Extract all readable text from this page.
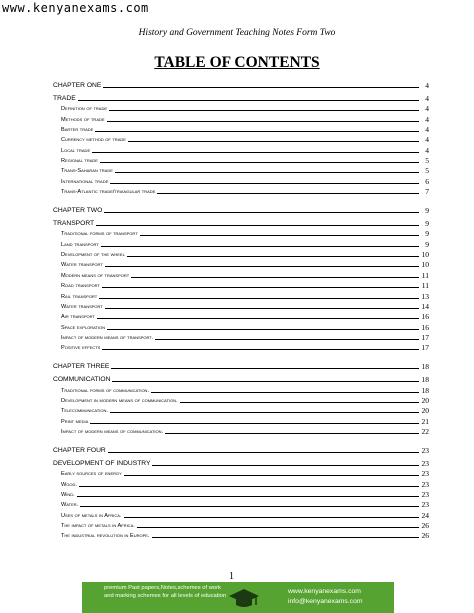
www.kenyanexams.com
History and Government Teaching Notes Form Two
TABLE OF CONTENTS
CHAPTER ONE	4
TRADE	4
Definition of trade	4
Methods of trade	4
Barter trade	4
Currency method of trade	4
Local trade	4
Regional trade	5
Trans-Saharan trade	5
International trade	6
Trans-Atlantic trade/triangular trade	7
CHAPTER TWO	9
TRANSPORT	9
Traditional forms of transport	9
Land transport	9
Development of the wheel	10
Water transport	10
Modern means of transport	11
Road transport	11
Rail transport	13
Water transport	14
Air transport	16
Space exploration	16
Impact of modern means of transport.	17
Positive effects	17
CHAPTER THREE	18
COMMUNICATION	18
Traditional forms of communication.	18
Development in modern means of communication.	20
Telecommunication.	20
Print media	21
Impact of modern means of communication.	22
CHAPTER FOUR	23
DEVELOPMENT OF INDUSTRY	23
Early sources of energy	23
Wood.	23
Wind.	23
Water.	23
Uses of metals in Africa.	24
The impact of metals in Africa.	26
The industrial revolution in Europe.	26
1
premium Past papers,Notes,schemes of work and marking schemes for all levels of education
www.kenyanexams.com
info@kenyanexams.com
